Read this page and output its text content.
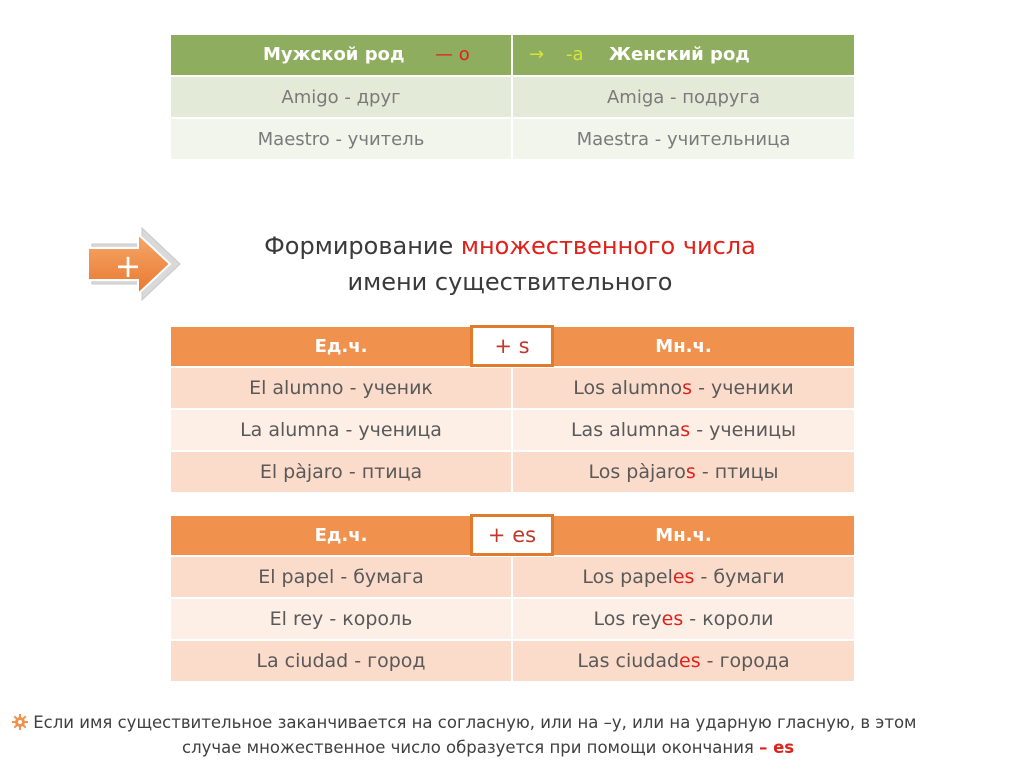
Мужской род — о	→ -а Женский род

Amigo - друг	Amiga - подруга
Maestro - учитель	Maestra - учительница
+
Формирование множественного числа
имени существительного
Ед.ч.	Мн.ч.
El alumno - ученик	Los alumnos - ученики
La alumna - ученица	Las alumnas - ученицы
El pàjaro - птица	Los pàjaros - птицы
+ s
Ед.ч.	Мн.ч.
El papel - бумага	Los papeles - бумаги
El rey - король	Los reyes - короли
La ciudad - город	Las ciudades - города
+ es
Если имя существительное заканчивается на согласную, или на –у, или на ударную гласную, в этом
случае множественное число образуется при помощи окончания – es
